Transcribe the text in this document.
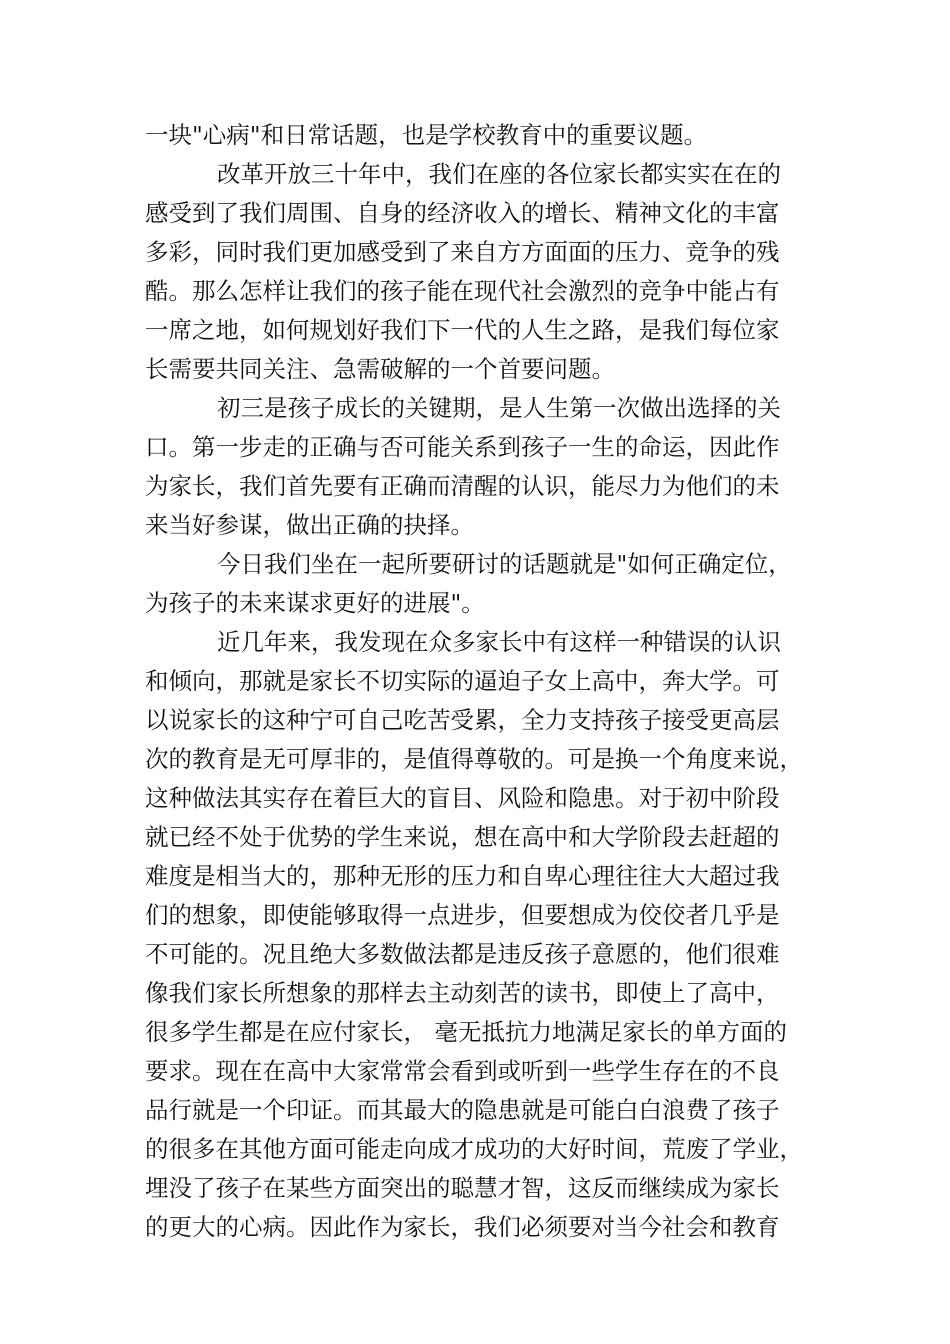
一块"心病"和日常话题，也是学校教育中的重要议题。
改革开放三十年中，我们在座的各位家长都实实在在的
感受到了我们周围、自身的经济收入的增长、精神文化的丰富
多彩，同时我们更加感受到了来自方方面面的压力、竞争的残
酷。那么怎样让我们的孩子能在现代社会激烈的竞争中能占有
一席之地，如何规划好我们下一代的人生之路，是我们每位家
长需要共同关注、急需破解的一个首要问题。
初三是孩子成长的关键期，是人生第一次做出选择的关
口。第一步走的正确与否可能关系到孩子一生的命运，因此作
为家长，我们首先要有正确而清醒的认识，能尽力为他们的未
来当好参谋，做出正确的抉择。
今日我们坐在一起所要研讨的话题就是"如何正确定位，
为孩子的未来谋求更好的进展"。
近几年来，我发现在众多家长中有这样一种错误的认识
和倾向，那就是家长不切实际的逼迫子女上高中，奔大学。可
以说家长的这种宁可自己吃苦受累，全力支持孩子接受更高层
次的教育是无可厚非的，是值得尊敬的。可是换一个角度来说，
这种做法其实存在着巨大的盲目、风险和隐患。对于初中阶段
就已经不处于优势的学生来说，想在高中和大学阶段去赶超的
难度是相当大的，那种无形的压力和自卑心理往往大大超过我
们的想象，即使能够取得一点进步，但要想成为佼佼者几乎是
不可能的。况且绝大多数做法都是违反孩子意愿的，他们很难
像我们家长所想象的那样去主动刻苦的读书，即使上了高中，
很多学生都是在应付家长， 毫无抵抗力地满足家长的单方面的
要求。现在在高中大家常常会看到或听到一些学生存在的不良
品行就是一个印证。而其最大的隐患就是可能白白浪费了孩子
的很多在其他方面可能走向成才成功的大好时间，荒废了学业，
埋没了孩子在某些方面突出的聪慧才智，这反而继续成为家长
的更大的心病。因此作为家长，我们必须要对当今社会和教育
